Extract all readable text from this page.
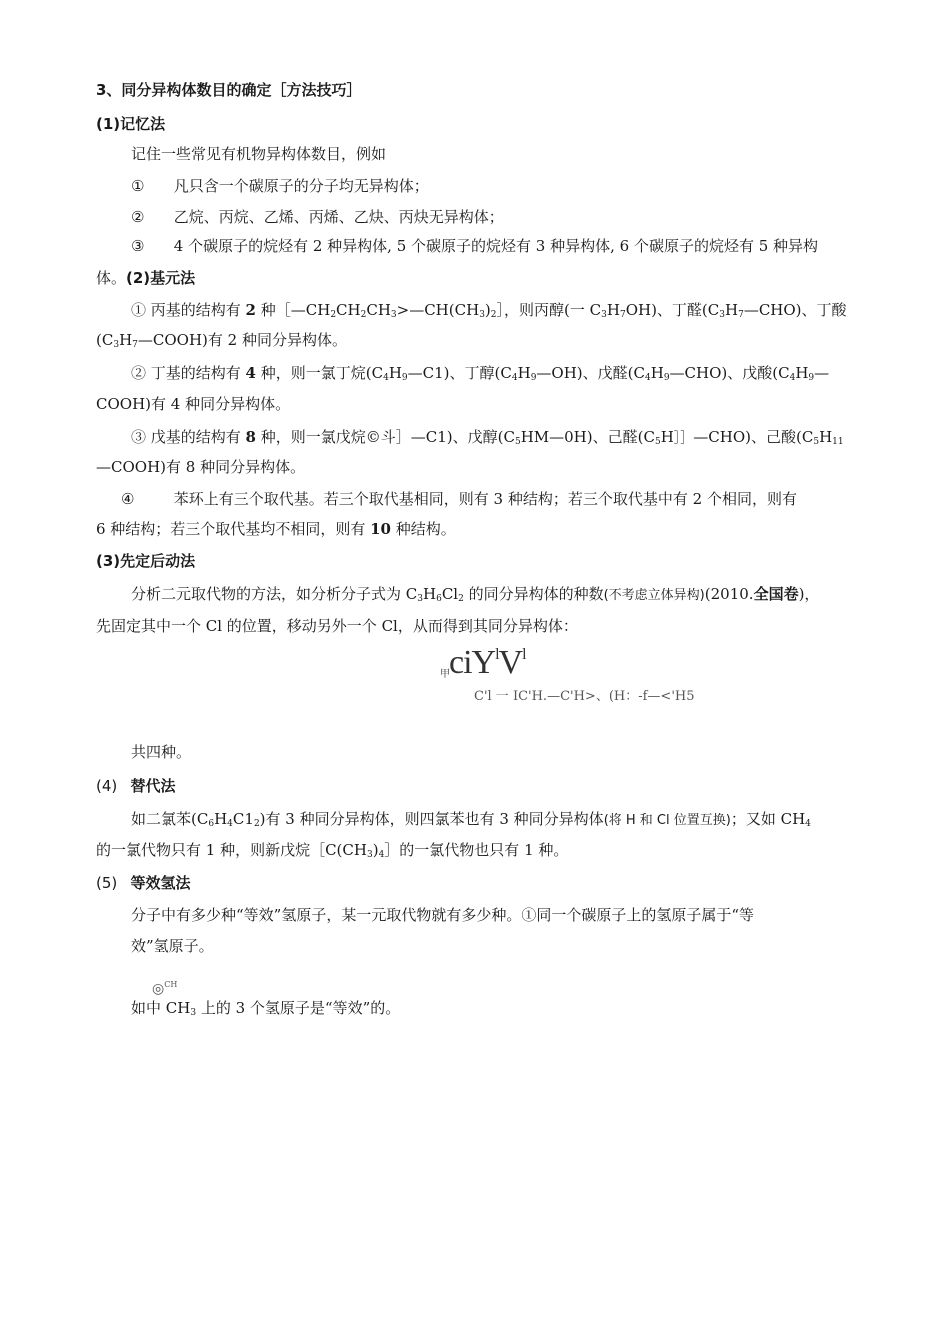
3、同分异构体数目的确定［方法技巧］
(1)记忆法
记住一些常见有机物异构体数目，例如
① 凡只含一个碳原子的分子均无异构体；
② 乙烷、丙烷、乙烯、丙烯、乙炔、丙炔无异构体；
③ 4 个碳原子的烷烃有 2 种异构体, 5 个碳原子的烷烃有 3 种异构体, 6 个碳原子的烷烃有 5 种异构
体。(2)基元法
① 丙基的结构有 2 种$[—CH_2CH_2CH_3>—CH(CH_3)_2]$，则丙醇(一 $C_3H_7OH$)、丁醛$(C_3H_7—CHO)$、丁酸
$(C_3H_7—COOH)$有 2 种同分异构体。
② 丁基的结构有 4 种，则一氯丁烷$(C_4H_9—C1)$、丁醇$(C_4H_9—OH)$、戊醛$(C_4H_9—CHO)$、戊酸($C_4H_9—$
COOH)有 4 种同分异构体。
③ 戊基的结构有 8 种，则一氯戊烷©斗］—C1)、戊醇$(C_5HM—0H)$、己醛$(C_5H]]—CHO)$、己酸($C_5H_{11}$
—COOH)有 8 种同分异构体。
④	苯环上有三个取代基。若三个取代基相同，则有 3 种结构；若三个取代基中有 2 个相同，则有
6 种结构；若三个取代基均不相同，则有 10 种结构。
(3)先定后动法
分析二元取代物的方法，如分析分子式为 $C_3H_6Cl_2$ 的同分异构体的种数(不考虑立体异构)(2010.全国卷)，
先固定其中一个 Cl 的位置，移动另外一个 Cl，从而得到其同分异构体：
甲$ciY^lV^l$
C'l 一 IC'H.—C'H>、(H：-f—<'H5
共四种。
(4) 替代法
如二氯苯$(C_6H_4C1_2)$有 3 种同分异构体，则四氯苯也有 3 种同分异构体(将 H 和 Cl 位置互换)；又如 $CH_4$
的一氯代物只有 1 种，则新戊烷$[C(CH_3)_4]$的一氯代物也只有 1 种。
(5) 等效氢法
分子中有多少种“等效”氢原子，某一元取代物就有多少种。①同一个碳原子上的氢原子属于“等
效”氢原子。
◎$^{CH}$
如中 $CH_3$ 上的 3 个氢原子是“等效”的。
